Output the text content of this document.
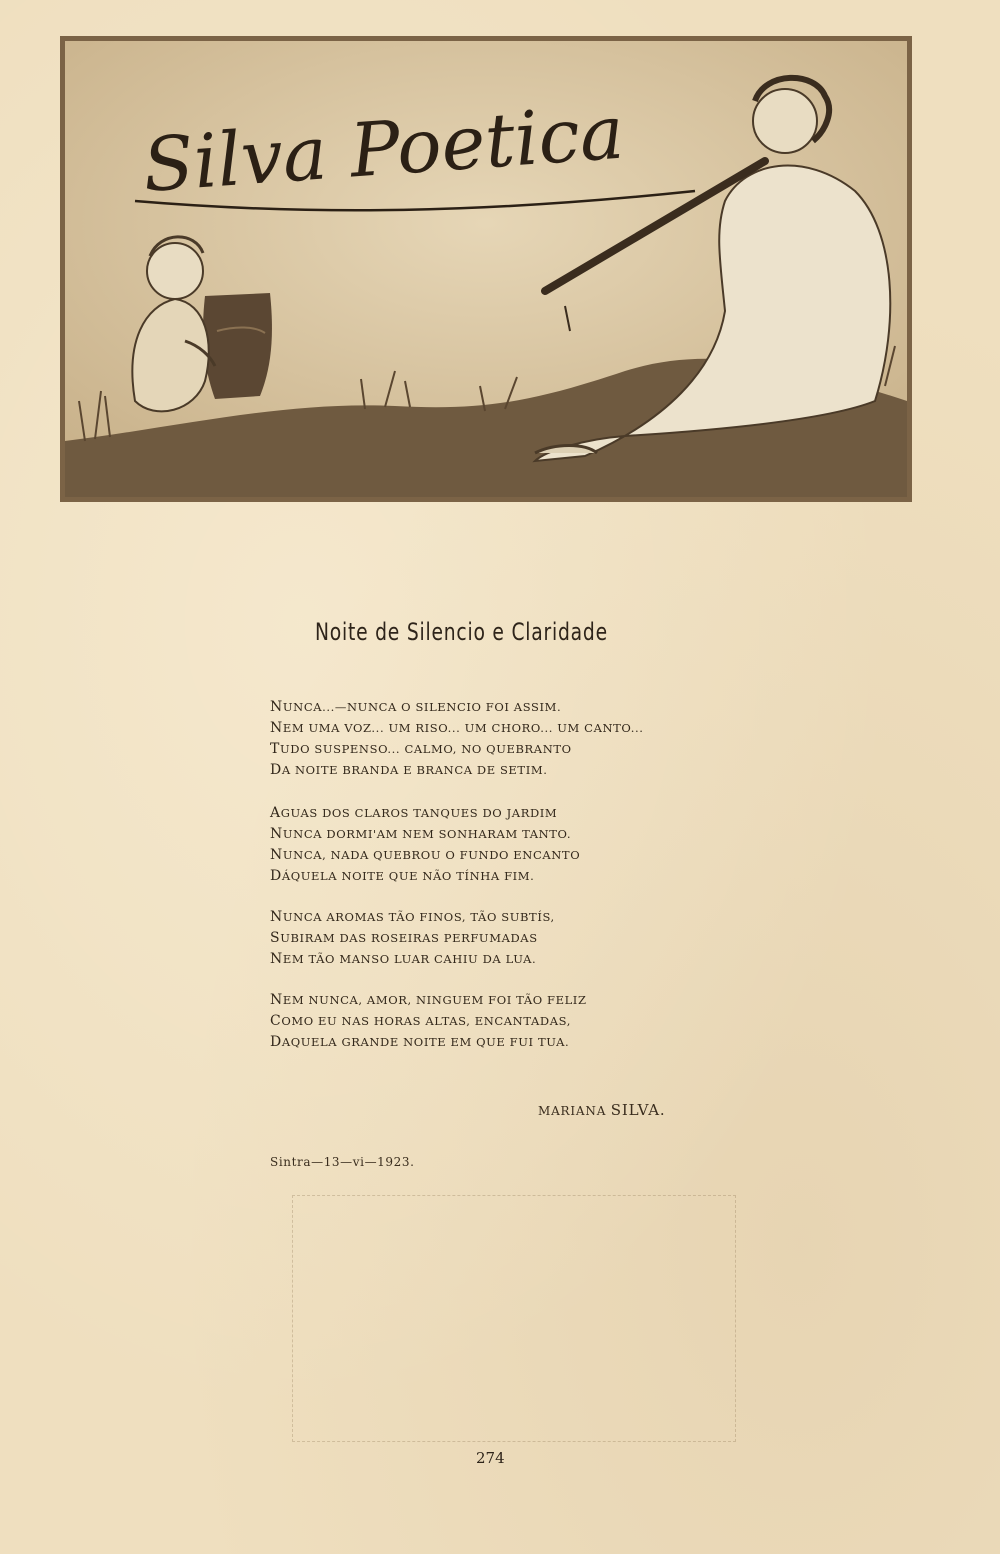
Silva Poetica
Noite de Silencio e Claridade
NUNCA...—NUNCA O SILENCIO FOI ASSIM.
NEM UMA VOZ... UM RISO... UM CHORO... UM CANTO...
TUDO SUSPENSO... CALMO, NO QUEBRANTO
DA NOITE BRANDA E BRANCA DE SETIM.
AGUAS DOS CLAROS TANQUES DO JARDIM
NUNCA DORMI'AM NEM SONHARAM TANTO.
NUNCA, NADA QUEBROU O FUNDO ENCANTO
DÁQUELA NOITE QUE NÃO TÍNHA FIM.
NUNCA AROMAS TÃO FINOS, TÃO SUBTÍS,
SUBIRAM DAS ROSEIRAS PERFUMADAS
NEM TÃO MANSO LUAR CAHIU DA LUA.
NEM NUNCA, AMOR, NINGUEM FOI TÃO FELIZ
COMO EU NAS HORAS ALTAS, ENCANTADAS,
DAQUELA GRANDE NOITE EM QUE FUI TUA.
MARIANA SILVA.
Sintra—13—vi—1923.
274
